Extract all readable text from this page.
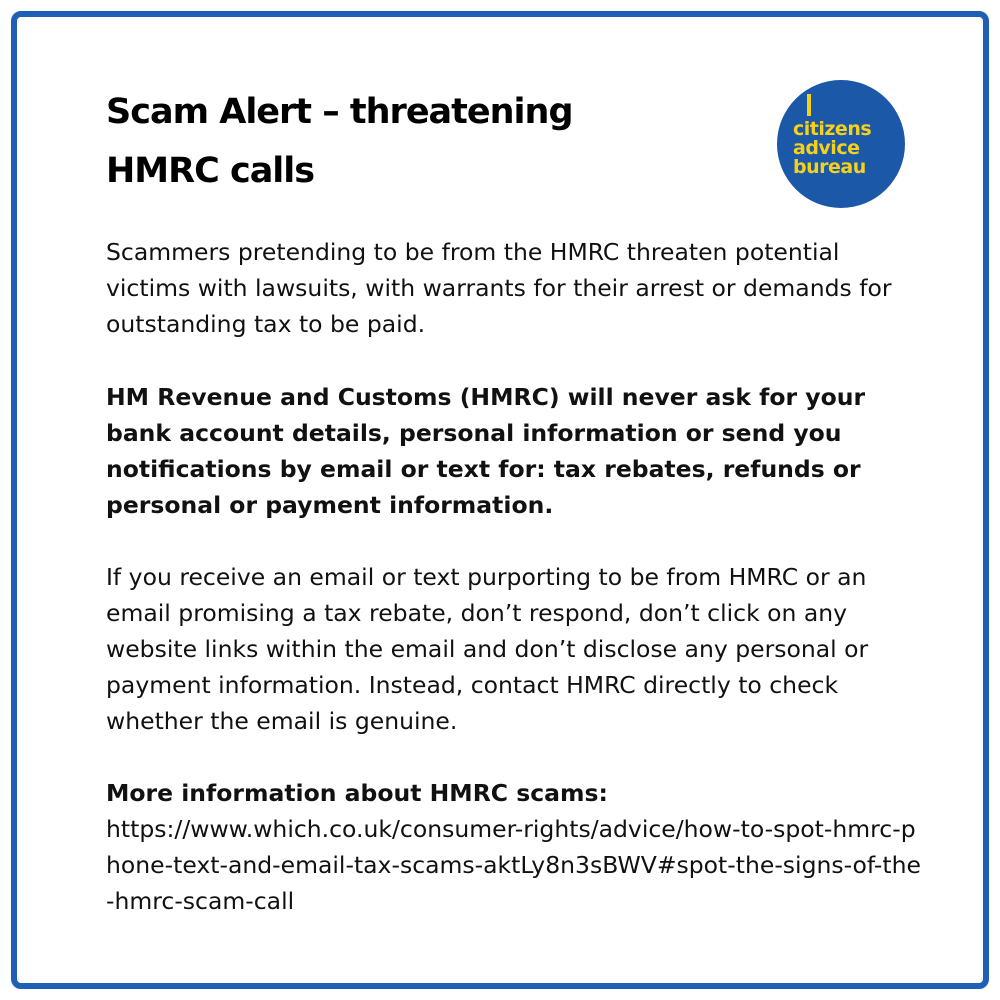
Scam Alert – threatening
HMRC calls
citizens
advice
bureau

Scammers pretending to be from the HMRC threaten potential victims with lawsuits, with warrants for their arrest or demands for outstanding tax to be paid.

HM Revenue and Customs (HMRC) will never ask for your bank account details, personal information or send you notifications by email or text for: tax rebates, refunds or personal or payment information.

If you receive an email or text purporting to be from HMRC or an email promising a tax rebate, don’t respond, don’t click on any website links within the email and don’t disclose any personal or payment information. Instead, contact HMRC directly to check whether the email is genuine.

More information about HMRC scams:
https://www.which.co.uk/consumer-rights/advice/how-to-spot-hmrc-phone-text-and-email-tax-scams-aktLy8n3sBWV#spot-the-signs-of-the-hmrc-scam-call
